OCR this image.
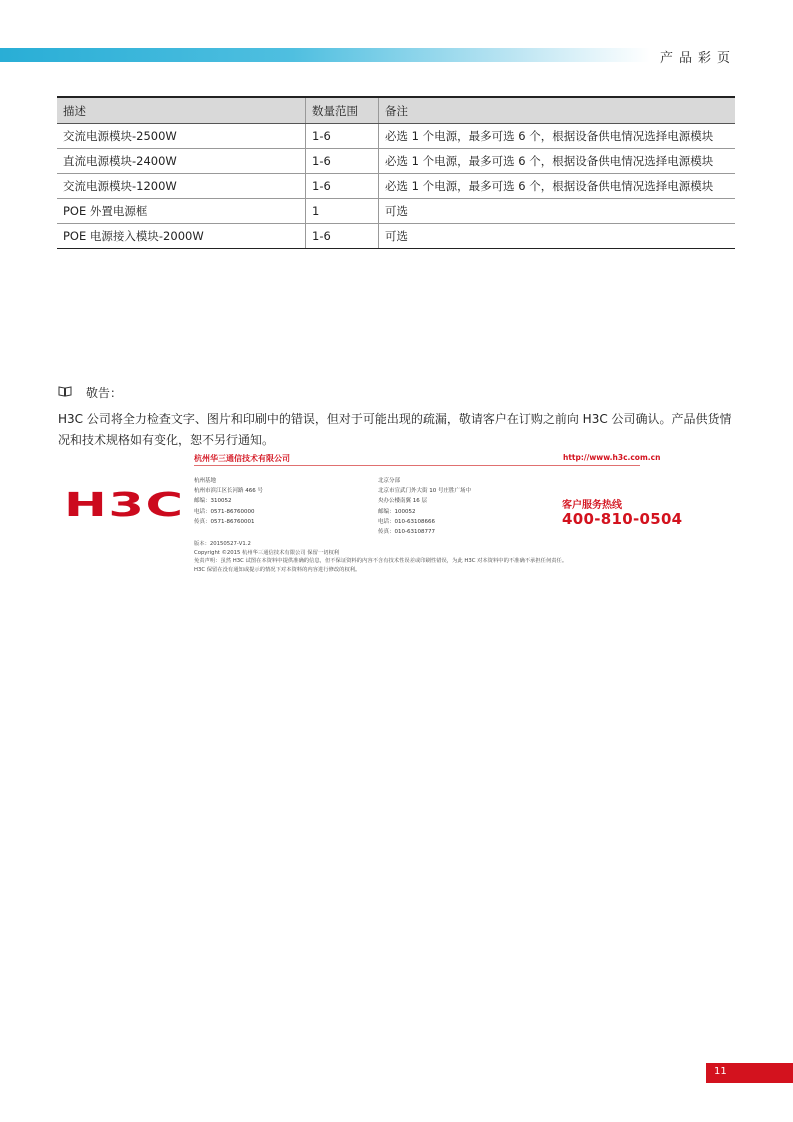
产品彩页
描述	数量范围	备注
交流电源模块-2500W	1-6	必选 1 个电源，最多可选 6 个，根据设备供电情况选择电源模块
直流电源模块-2400W	1-6	必选 1 个电源，最多可选 6 个，根据设备供电情况选择电源模块
交流电源模块-1200W	1-6	必选 1 个电源，最多可选 6 个，根据设备供电情况选择电源模块
POE 外置电源框	1	可选
POE 电源接入模块-2000W	1-6	可选
敬告：
H3C 公司将全力检查文字、图片和印刷中的错误，但对于可能出现的疏漏，敬请客户在订购之前向 H3C 公司确认。产品供货情况和技术规格如有变化，恕不另行通知。
H3C
杭州华三通信技术有限公司	http://www.h3c.com.cn
杭州基地
杭州市滨江区长河路 466 号
邮编：310052
电话：0571-86760000
传真：0571-86760001
北京分部
北京市宣武门外大街 10 号庄胜广场中
央办公楼南翼 16 层
邮编：100052
电话：010-63108666
传真：010-63108777
客户服务热线
400-810-0504
版本：20150527-V1.2
Copyright ©2015 杭州华三通信技术有限公司 保留一切权利
免责声明：虽然 H3C 试图在本资料中提供准确的信息，但不保证资料的内容不含有技术性误差或印刷性错误，为此 H3C 对本资料中的不准确不承担任何责任。
H3C 保留在没有通知或提示的情况下对本资料的内容进行修改的权利。
11
